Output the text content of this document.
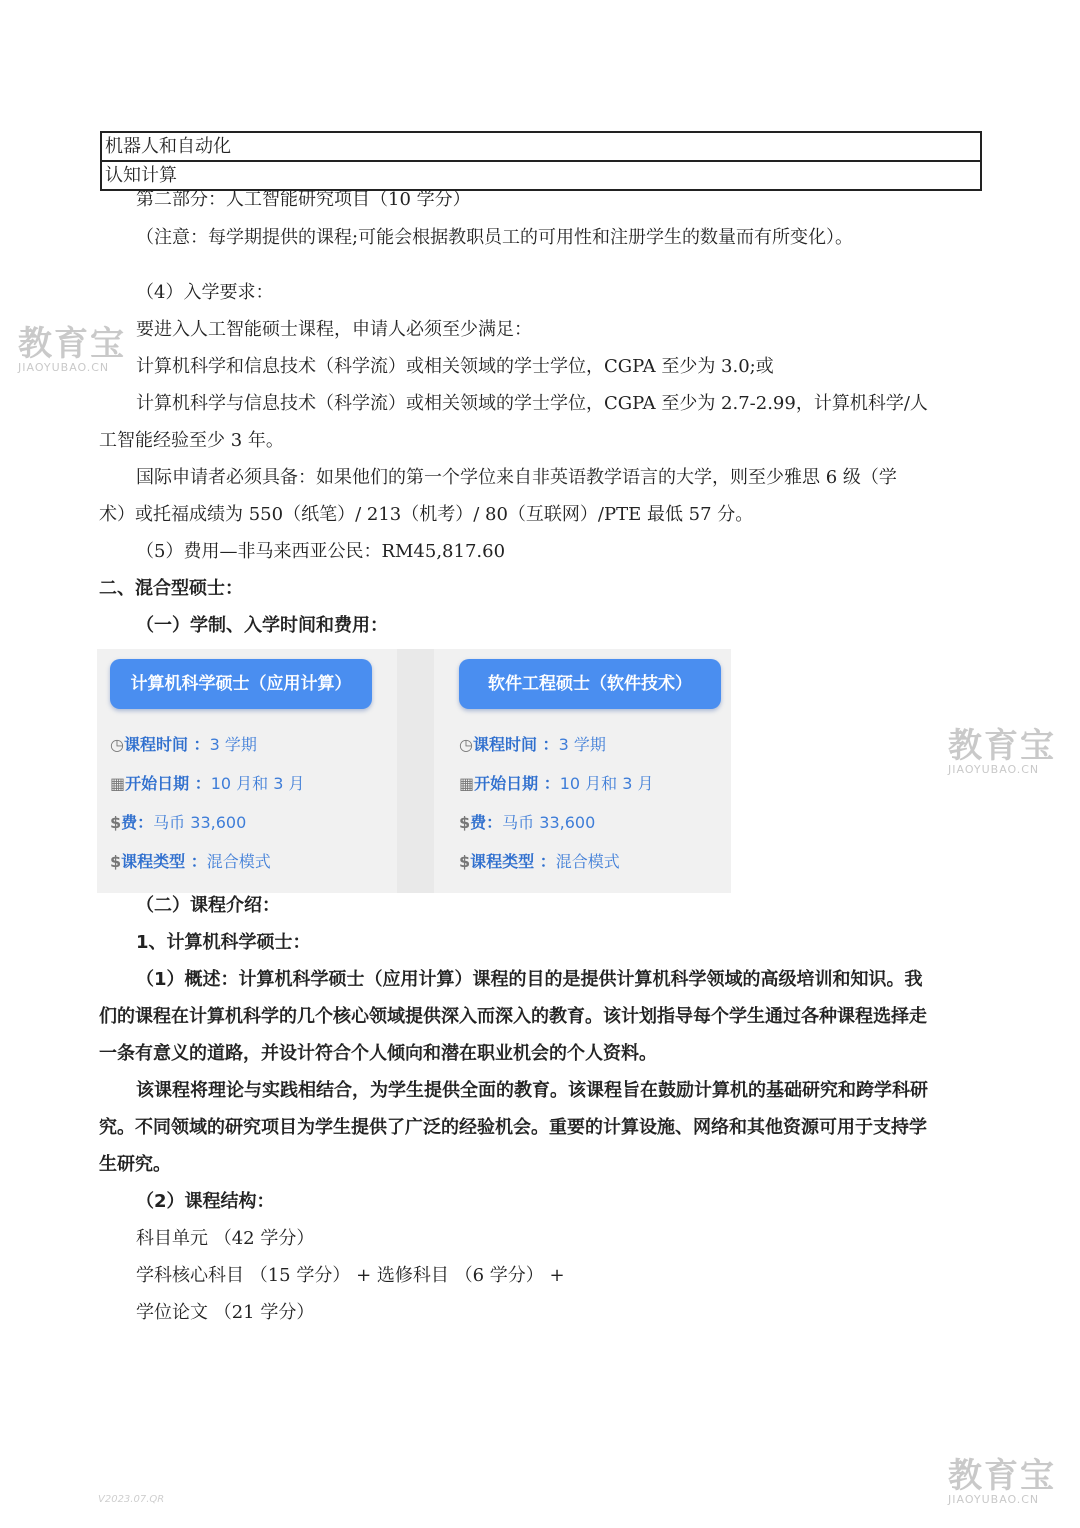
机器人和自动化
认知计算
第二部分：人工智能研究项目（10 学分）
（注意：每学期提供的课程;可能会根据教职员工的可用性和注册学生的数量而有所变化）。
（4）入学要求：
要进入人工智能硕士课程，申请人必须至少满足：
计算机科学和信息技术（科学流）或相关领域的学士学位，CGPA 至少为 3.0;或
计算机科学与信息技术（科学流）或相关领域的学士学位，CGPA 至少为 2.7-2.99，计算机科学/人
工智能经验至少 3 年。
国际申请者必须具备：如果他们的第一个学位来自非英语教学语言的大学，则至少雅思 6 级（学
术）或托福成绩为 550（纸笔）/ 213（机考）/ 80（互联网）/PTE 最低 57 分。
（5）费用—非马来西亚公民：RM45,817.60
二、混合型硕士：
（一）学制、入学时间和费用：
计算机科学硕士（应用计算）	软件工程硕士（软件技术）
◷课程时间 ：3 学期
▦开始日期 ：10 月和 3 月
$费：马币 33,600
$课程类型 ：混合模式
◷课程时间 ：3 学期
▦开始日期 ：10 月和 3 月
$费：马币 33,600
$课程类型 ：混合模式
（二）课程介绍：
1、计算机科学硕士：
（1）概述：计算机科学硕士（应用计算）课程的目的是提供计算机科学领域的高级培训和知识。我
们的课程在计算机科学的几个核心领域提供深入而深入的教育。该计划指导每个学生通过各种课程选择走
一条有意义的道路，并设计符合个人倾向和潜在职业机会的个人资料。
该课程将理论与实践相结合，为学生提供全面的教育。该课程旨在鼓励计算机的基础研究和跨学科研
究。不同领域的研究项目为学生提供了广泛的经验机会。重要的计算设施、网络和其他资源可用于支持学
生研究。
（2）课程结构：
科目单元 （42 学分）
学科核心科目 （15 学分） + 选修科目 （6 学分） +
学位论文 （21 学分）
教育宝
JIAOYUBAO.CN
教育宝
JIAOYUBAO.CN
教育宝
JIAOYUBAO.CN
V2023.07.QR
